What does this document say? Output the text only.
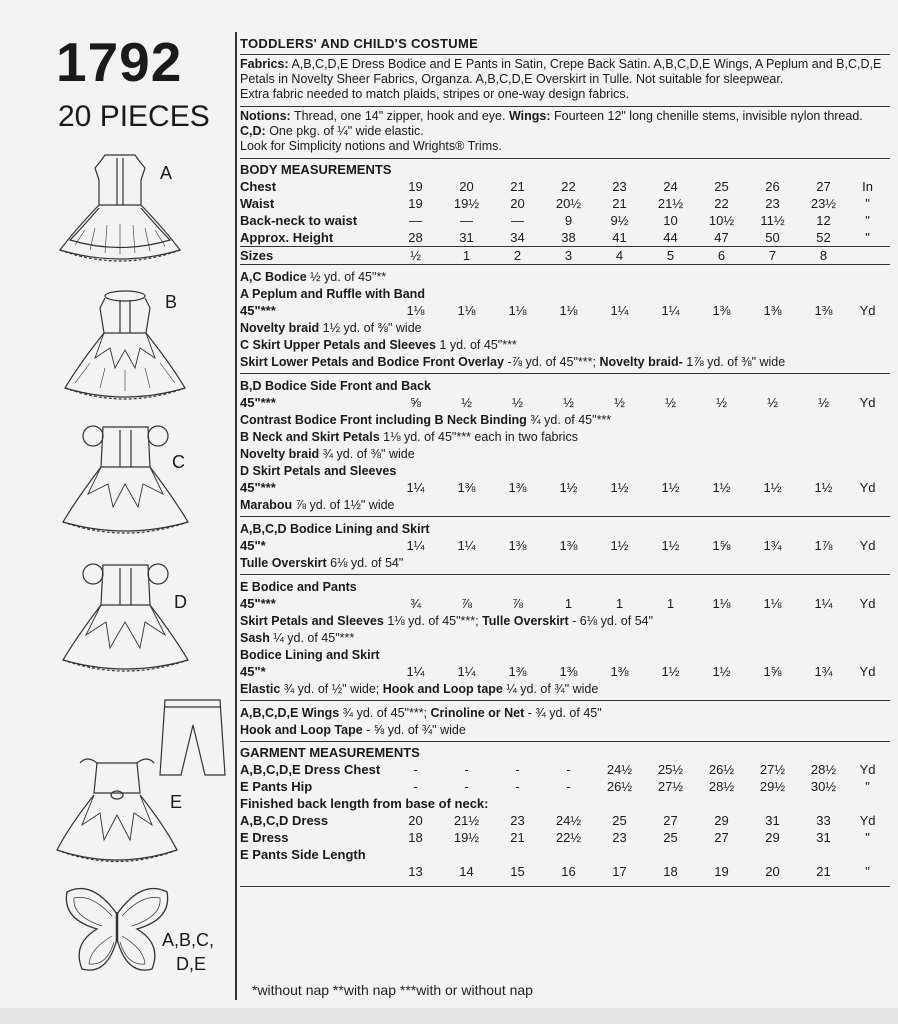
1792
20 PIECES
A
B
C
D
E
A,B,C,
D,E
TODDLERS' AND CHILD'S COSTUME
Fabrics: A,B,C,D,E Dress Bodice and E Pants in Satin, Crepe Back Satin. A,B,C,D,E Wings, A Peplum and B,C,D,E Petals in Novelty Sheer Fabrics, Organza. A,B,C,D,E Overskirt in Tulle. Not suitable for sleepwear.
Extra fabric needed to match plaids, stripes or one-way design fabrics.
Notions: Thread, one 14" zipper, hook and eye. Wings: Fourteen 12" long chenille stems, invisible nylon thread. C,D: One pkg. of ¼" wide elastic.
Look for Simplicity notions and Wrights® Trims.
BODY MEASUREMENTS										
Chest	19	20	21	22	23	24	25	26	27	In
Waist	19	19½	20	20½	21	21½	22	23	23½	"
Back-neck to waist	—	—	—	9	9½	10	10½	11½	12	"
Approx. Height	28	31	34	38	41	44	47	50	52	"
Sizes	½	1	2	3	4	5	6	7	8	
A,C Bodice ½ yd. of 45"**
A Peplum and Ruffle with Band
45"***	1⅛	1⅛	1⅛	1⅛	1¼	1¼	1⅜	1⅜	1⅜	Yd
Novelty braid 1½ yd. of ⅜" wide
C Skirt Upper Petals and Sleeves 1 yd. of 45"***
Skirt Lower Petals and Bodice Front Overlay -⅞ yd. of 45"***; Novelty braid- 1⅞ yd. of ⅜" wide
B,D Bodice Side Front and Back										
45"***	⅝	½	½	½	½	½	½	½	½	Yd
Contrast Bodice Front including B Neck Binding ¾ yd. of 45"***										
B Neck and Skirt Petals 1⅛ yd. of 45"*** each in two fabrics										
Novelty braid ¾ yd. of ⅜" wide										
D Skirt Petals and Sleeves										
45"***	1¼	1⅜	1⅜	1½	1½	1½	1½	1½	1½	Yd
Marabou ⅞ yd. of 1½" wide										
A,B,C,D Bodice Lining and Skirt
45"*	1¼	1¼	1⅜	1⅜	1½	1½	1⅝	1¾	1⅞	Yd
Tulle Overskirt 6⅛ yd. of 54"
E Bodice and Pants										
45"***	¾	⅞	⅞	1	1	1	1⅛	1⅛	1¼	Yd
Skirt Petals and Sleeves 1⅛ yd. of 45"***; Tulle Overskirt - 6⅛ yd. of 54"										
Sash ¼ yd. of 45"***										
Bodice Lining and Skirt										
45"*	1¼	1¼	1⅜	1⅜	1⅜	1½	1½	1⅝	1¾	Yd
Elastic ¾ yd. of ½" wide; Hook and Loop tape ¼ yd. of ¾" wide										
A,B,C,D,E Wings ¾ yd. of 45"***; Crinoline or Net - ¾ yd. of 45"
Hook and Loop Tape - ⅝ yd. of ¾" wide
GARMENT MEASUREMENTS										
A,B,C,D,E Dress Chest	-	-	-	-	24½	25½	26½	27½	28½	Yd
E Pants Hip	-	-	-	-	26½	27½	28½	29½	30½	"
Finished back length from base of neck:										
A,B,C,D Dress	20	21½	23	24½	25	27	29	31	33	Yd
E Dress	18	19½	21	22½	23	25	27	29	31	"
E Pants Side Length										
	13	14	15	16	17	18	19	20	21	"
*without nap **with nap ***with or without nap
